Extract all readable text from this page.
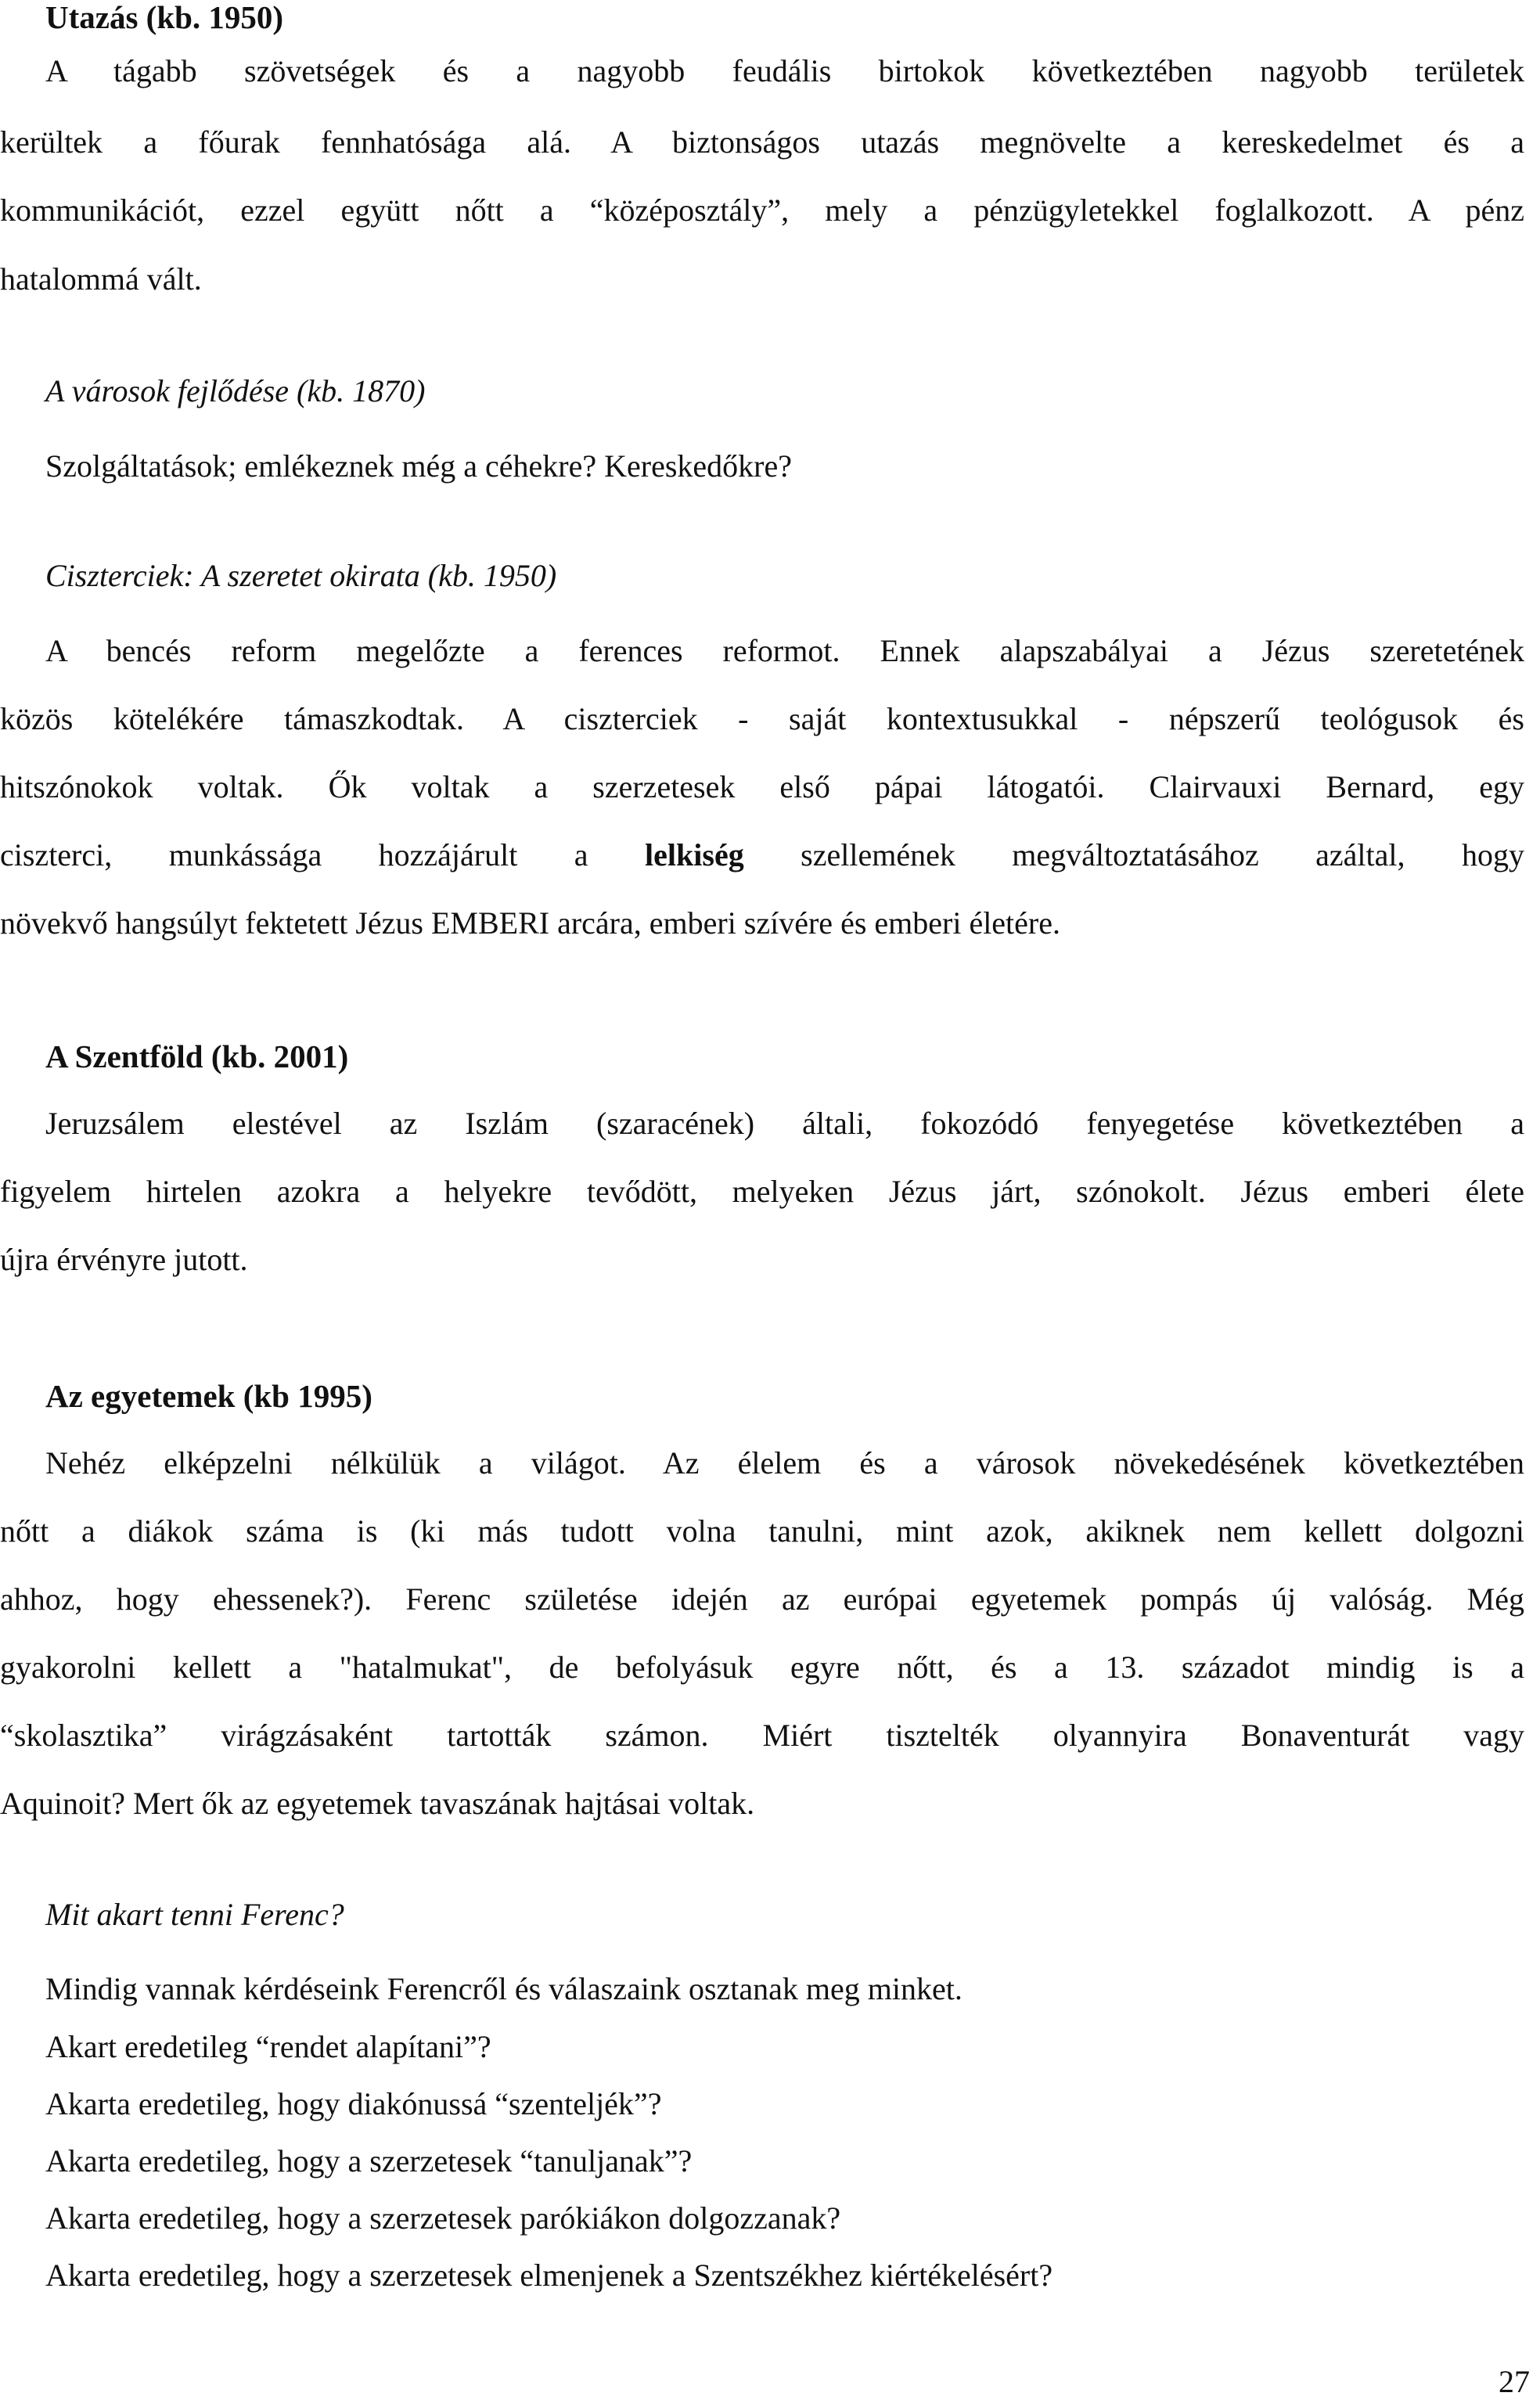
Utazás (kb. 1950)
A tágabb szövetségek és a nagyobb feudális birtokok következtében nagyobb területek
kerültek a főurak fennhatósága alá. A biztonságos utazás megnövelte a kereskedelmet és a
kommunikációt, ezzel együtt nőtt a “középosztály”, mely a pénzügyletekkel foglalkozott. A pénz
hatalommá vált.
A városok fejlődése (kb. 1870)
Szolgáltatások; emlékeznek még a céhekre? Kereskedőkre?
Ciszterciek: A szeretet okirata (kb. 1950)
A bencés reform megelőzte a ferences reformot. Ennek alapszabályai a Jézus szeretetének
közös kötelékére támaszkodtak. A ciszterciek - saját kontextusukkal - népszerű teológusok és
hitszónokok voltak. Ők voltak a szerzetesek első pápai látogatói. Clairvauxi Bernard, egy
ciszterci, munkássága hozzájárult a lelkiség szellemének megváltoztatásához azáltal, hogy
növekvő hangsúlyt fektetett Jézus EMBERI arcára, emberi szívére és emberi életére.
A Szentföld (kb. 2001)
Jeruzsálem elestével az Iszlám (szaracének) általi, fokozódó fenyegetése következtében a
figyelem hirtelen azokra a helyekre tevődött, melyeken Jézus járt, szónokolt. Jézus emberi élete
újra érvényre jutott.
Az egyetemek (kb 1995)
Nehéz elképzelni nélkülük a világot. Az élelem és a városok növekedésének következtében
nőtt a diákok száma is (ki más tudott volna tanulni, mint azok, akiknek nem kellett dolgozni
ahhoz, hogy ehessenek?). Ferenc születése idején az európai egyetemek pompás új valóság. Még
gyakorolni kellett a "hatalmukat", de befolyásuk egyre nőtt, és a 13. századot mindig is a
“skolasztika” virágzásaként tartották számon. Miért tisztelték olyannyira Bonaventurát vagy
Aquinoit? Mert ők az egyetemek tavaszának hajtásai voltak.
Mit akart tenni Ferenc?
Mindig vannak kérdéseink Ferencről és válaszaink osztanak meg minket.
Akart eredetileg “rendet alapítani”?
Akarta eredetileg, hogy diakónussá “szenteljék”?
Akarta eredetileg, hogy a szerzetesek “tanuljanak”?
Akarta eredetileg, hogy a szerzetesek parókiákon dolgozzanak?
Akarta eredetileg, hogy a szerzetesek elmenjenek a Szentszékhez kiértékelésért?
27
